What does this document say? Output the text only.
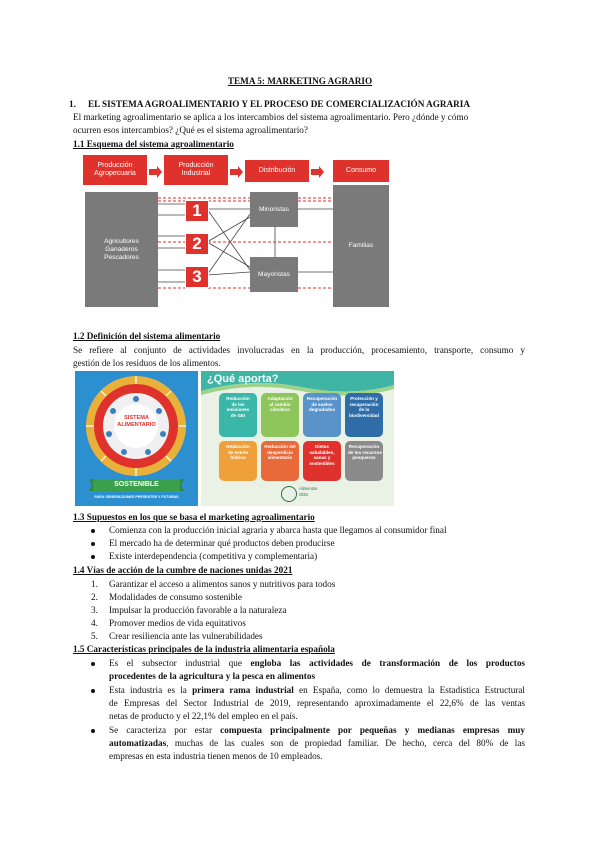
TEMA 5: MARKETING AGRARIO
1. EL SISTEMA AGROALIMENTARIO Y EL PROCESO DE COMERCIALIZACIÓN AGRARIA
El marketing agroalimentario se aplica a los intercambios del sistema agroalimentario. Pero ¿dónde y cómo
ocurren esos intercambios? ¿Qué es el sistema agroalimentario?
1.1 Esquema del sistema agroalimentario
Producción
Agropecuaria
Producción
Industrial	Distribución	Consumo
Agricultores
Ganaderos
Pescadores
Minoristas
Mayoristas
Familias
1
2
3
1.2 Definición del sistema alimentario
Se refiere al conjunto de actividades involucradas en la producción, procesamiento, transporte, consumo y
gestión de los residuos de los alimentos.
SISTEMA
ALIMENTARIO
SOSTENIBLE
PARA GENERACIONES PRESENTES Y FUTURAS
¿Qué aporta?
Reducción
de las
emisiones
de GEI
Adaptación
al cambio
climático
Recuperación
de suelos
degradados
Protección y
recuperación
de la
biodiversidad
Reducción
de estrés
hídrico
Reducción del
desperdicio
alimentario
Dietas
saludables,
sanas y
sostenibles
Recuperación
de los recursos
pesqueros
Alimentos
ODS
1.3 Supuestos en los que se basa el marketing agroalimentario
Comienza con la producción inicial agraria y abarca hasta que llegamos al consumidor final
El mercado ha de determinar qué productos deben producirse
Existe interdependencia (competitiva y complementaria)
1.4 Vías de acción de la cumbre de naciones unidas 2021
1. Garantizar el acceso a alimentos sanos y nutritivos para todos
2. Modalidades de consumo sostenible
3. Impulsar la producción favorable a la naturaleza
4. Promover medios de vida equitativos
5. Crear resiliencia ante las vulnerabilidades
1.5 Características principales de la industria alimentaria española
Es el subsector industrial que engloba las actividades de transformación de los productos
procedentes de la agricultura y la pesca en alimentos
Esta industria es la primera rama industrial en España, como lo demuestra la Estadística Estructural
de Empresas del Sector Industrial de 2019, representando aproximadamente el 22,6% de las ventas
netas de producto y el 22,1% del empleo en el país.
Se caracteriza por estar compuesta principalmente por pequeñas y medianas empresas muy
automatizadas, muchas de las cuales son de propiedad familiar. De hecho, cerca del 80% de las
empresas en esta industria tienen menos de 10 empleados.
